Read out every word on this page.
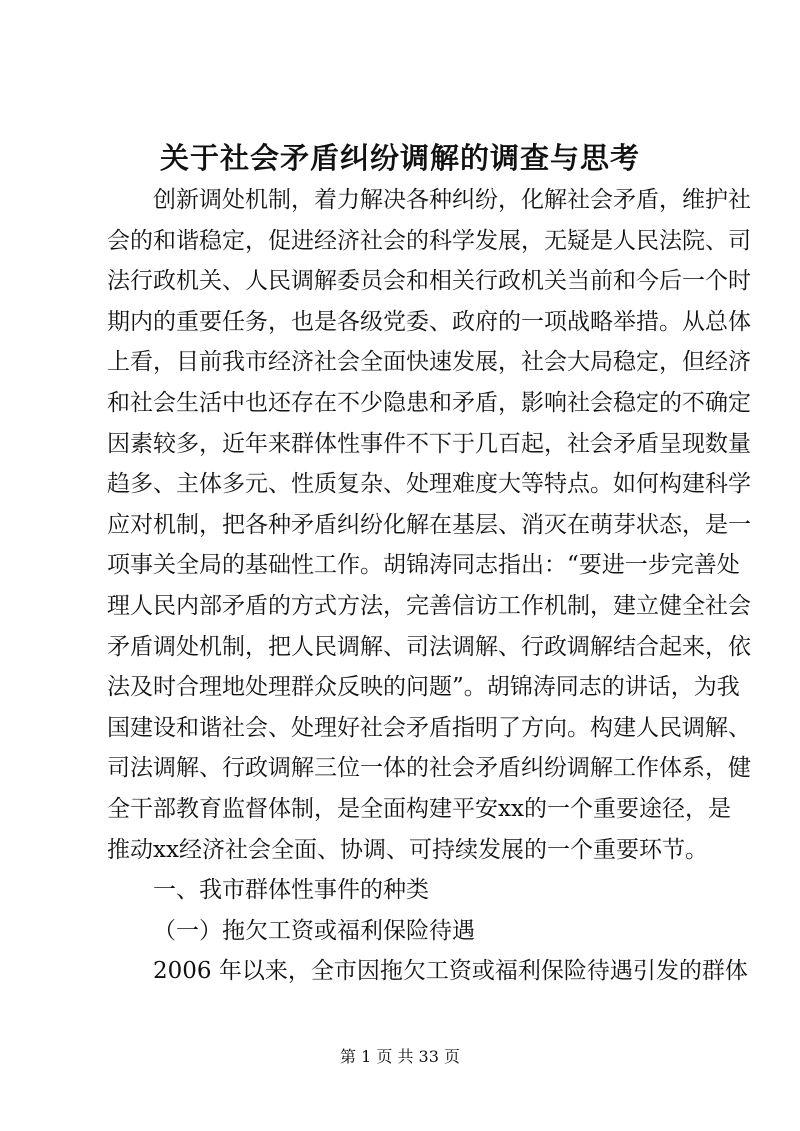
关于社会矛盾纠纷调解的调查与思考
创新调处机制，着力解决各种纠纷，化解社会矛盾，维护社
会的和谐稳定，促进经济社会的科学发展，无疑是人民法院、司
法行政机关、人民调解委员会和相关行政机关当前和今后一个时
期内的重要任务，也是各级党委、政府的一项战略举措。从总体
上看，目前我市经济社会全面快速发展，社会大局稳定，但经济
和社会生活中也还存在不少隐患和矛盾，影响社会稳定的不确定
因素较多，近年来群体性事件不下于几百起，社会矛盾呈现数量
趋多、主体多元、性质复杂、处理难度大等特点。如何构建科学
应对机制，把各种矛盾纠纷化解在基层、消灭在萌芽状态，是一
项事关全局的基础性工作。胡锦涛同志指出：“要进一步完善处
理人民内部矛盾的方式方法，完善信访工作机制，建立健全社会
矛盾调处机制，把人民调解、司法调解、行政调解结合起来，依
法及时合理地处理群众反映的问题”。胡锦涛同志的讲话，为我
国建设和谐社会、处理好社会矛盾指明了方向。构建人民调解、
司法调解、行政调解三位一体的社会矛盾纠纷调解工作体系，健
全干部教育监督体制，是全面构建平安xx的一个重要途径，是
推动xx经济社会全面、协调、可持续发展的一个重要环节。
一、我市群体性事件的种类
（一）拖欠工资或福利保险待遇
2006 年以来，全市因拖欠工资或福利保险待遇引发的群体
第 1 页 共 33 页
